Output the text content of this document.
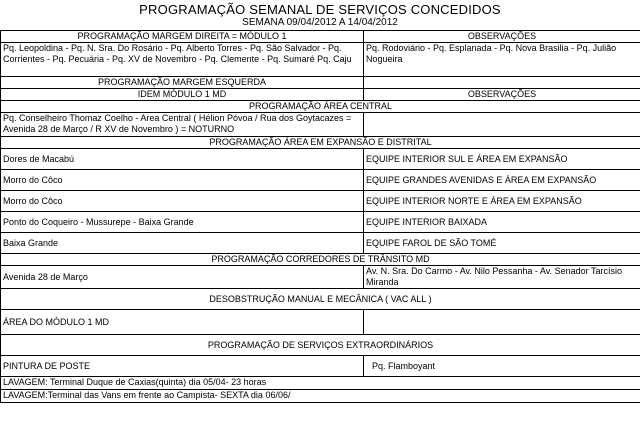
PROGRAMAÇÃO SEMANAL DE SERVIÇOS CONCEDIDOS
SEMANA 09/04/2012 A 14/04/2012
PROGRAMAÇÃO MARGEM DIREITA = MÓDULO 1	OBSERVAÇÕES
Pq. Leopoldina - Pq. N. Sra. Do Rosário - Pq. Alberto Torres - Pq. São Salvador - Pq. Corrientes - Pq. Pecuária - Pq. XV de Novembro - Pq. Clemente - Pq. Sumaré Pq. Caju	Pq. Rodoviário - Pq. Esplanada - Pq. Nova Brasilia - Pq. Julião Nogueira
PROGRAMAÇÃO MARGEM ESQUERDA	
IDEM MÓDULO 1 MD	OBSERVAÇÕES
PROGRAMAÇÃO ÁREA CENTRAL	
Pq. Conselheiro Thomaz Coelho - Area Central ( Hélion Póvoa / Rua dos Goytacazes = Avenida 28 de Março / R XV de Novembro ) = NOTURNO	
PROGRAMAÇÃO ÁREA EM EXPANSÃO E DISTRITAL	
Dores de Macabú	EQUIPE INTERIOR SUL E ÁREA EM EXPANSÃO
Morro do Côco	EQUIPE GRANDES AVENIDAS E ÁREA EM EXPANSÃO
Morro do Côco	EQUIPE INTERIOR NORTE E ÁREA EM EXPANSÃO
Ponto do Coqueiro - Mussurepe - Baixa Grande	EQUIPE INTERIOR BAIXADA
Baixa Grande	EQUIPE FAROL DE SÃO TOMÉ
PROGRAMAÇÃO CORREDORES DE TRÂNSITO MD	
Avenida 28 de Março	Av. N. Sra. Do Carmo - Av. Nilo Pessanha - Av. Senador Tarcísio Miranda
DESOBSTRUÇÃO MANUAL E MECÂNICA ( VAC ALL )	
ÁREA DO MÓDULO 1 MD	
PROGRAMAÇÃO DE SERVIÇOS EXTRAORDINÁRIOS	
PINTURA DE POSTE	Pq. Flamboyant
LAVAGEM: Terminal Duque de Caxias(quinta) dia 05/04- 23 horas	
LAVAGEM:Terminal das Vans em frente ao Campista- SEXTA dia 06/06/	
